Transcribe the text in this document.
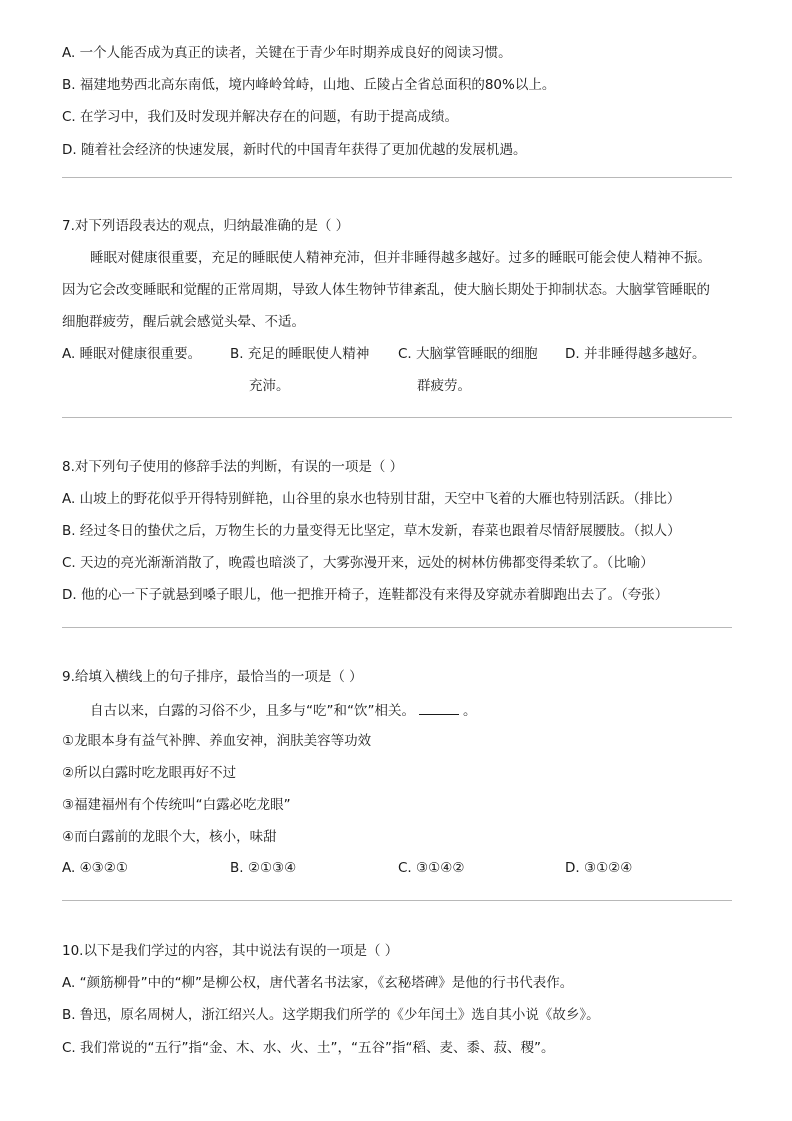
A. 一个人能否成为真正的读者，关键在于青少年时期养成良好的阅读习惯。
B. 福建地势西北高东南低，境内峰岭耸峙，山地、丘陵占全省总面积的80%以上。
C. 在学习中，我们及时发现并解决存在的问题，有助于提高成绩。
D. 随着社会经济的快速发展，新时代的中国青年获得了更加优越的发展机遇。
7.对下列语段表达的观点，归纳最准确的是（ ）
睡眠对健康很重要，充足的睡眠使人精神充沛，但并非睡得越多越好。过多的睡眠可能会使人精神不振。
因为它会改变睡眠和觉醒的正常周期，导致人体生物钟节律紊乱，使大脑长期处于抑制状态。大脑掌管睡眠的
细胞群疲劳，醒后就会感觉头晕、不适。
A. 睡眠对健康很重要。 B. 充足的睡眠使人精神
充沛。
C. 大脑掌管睡眠的细胞
群疲劳。
D. 并非睡得越多越好。
8.对下列句子使用的修辞手法的判断，有误的一项是（ ）
A. 山坡上的野花似乎开得特别鲜艳，山谷里的泉水也特别甘甜，天空中飞着的大雁也特别活跃。（排比）
B. 经过冬日的蛰伏之后，万物生长的力量变得无比坚定，草木发新，春菜也跟着尽情舒展腰肢。（拟人）
C. 天边的亮光渐渐消散了，晚霞也暗淡了，大雾弥漫开来，远处的树林仿佛都变得柔软了。（比喻）
D. 他的心一下子就悬到嗓子眼儿，他一把推开椅子，连鞋都没有来得及穿就赤着脚跑出去了。（夸张）
9.给填入横线上的句子排序，最恰当的一项是（ ）
自古以来，白露的习俗不少，且多与“吃”和“饮”相关。	。
①龙眼本身有益气补脾、养血安神，润肤美容等功效
②所以白露时吃龙眼再好不过
③福建福州有个传统叫“白露必吃龙眼”
④而白露前的龙眼个大，核小，味甜
A. ④③②①	B. ②①③④	C. ③①④②	D. ③①②④
10.以下是我们学过的内容，其中说法有误的一项是（ ）
A. “颜筋柳骨”中的“柳”是柳公权，唐代著名书法家，《玄秘塔碑》是他的行书代表作。
B. 鲁迅，原名周树人，浙江绍兴人。这学期我们所学的《少年闰土》选自其小说《故乡》。
C. 我们常说的“五行”指“金、木、水、火、土”，“五谷”指“稻、麦、黍、菽、稷”。
